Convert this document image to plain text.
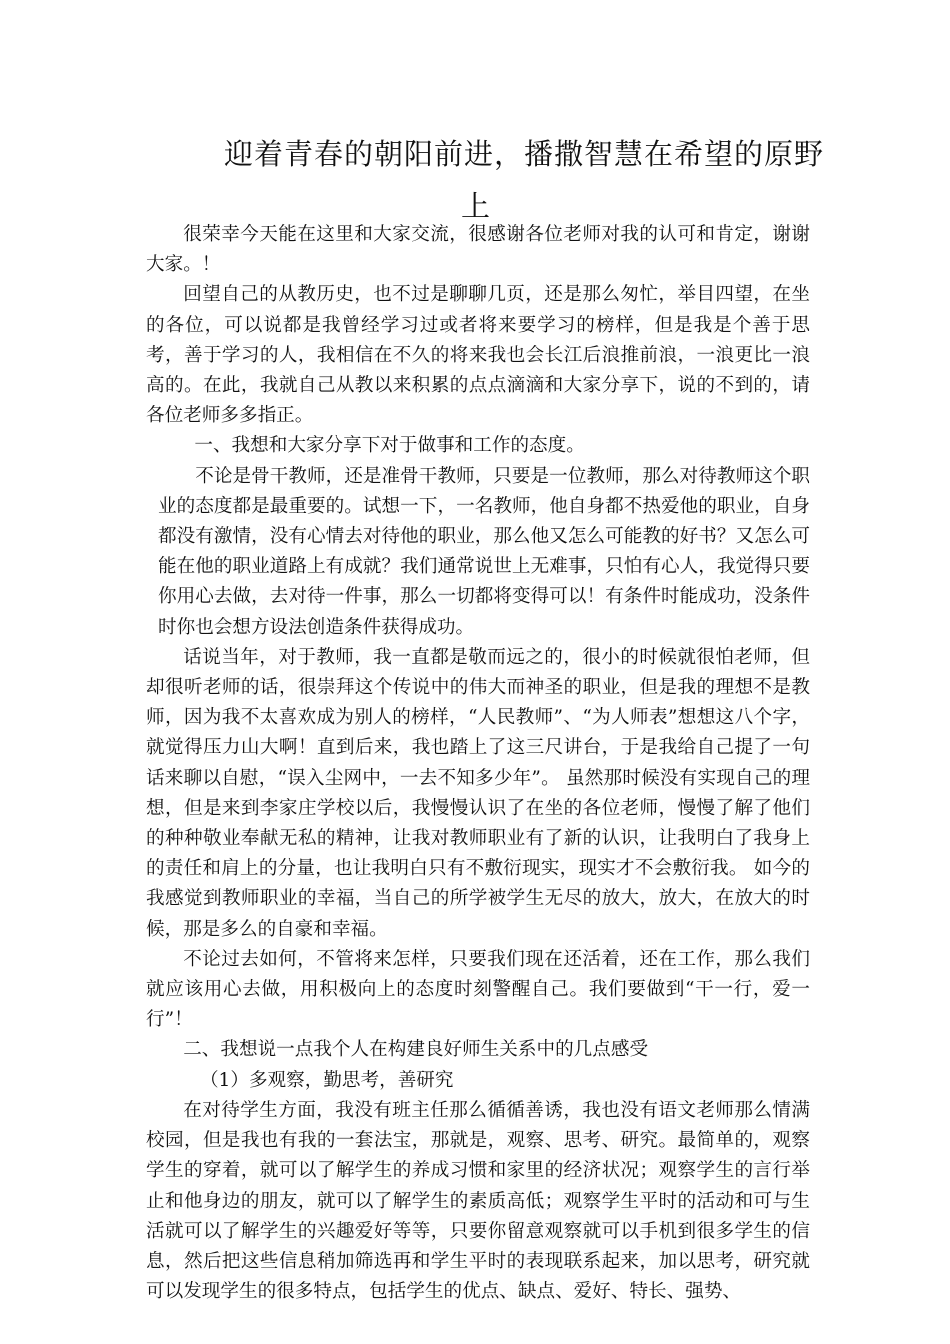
迎着青春的朝阳前进，播撒智慧在希望的原野
上

很荣幸今天能在这里和大家交流，很感谢各位老师对我的认可和肯定，谢谢大家。！

回望自己的从教历史，也不过是聊聊几页，还是那么匆忙，举目四望，在坐的各位，可以说都是我曾经学习过或者将来要学习的榜样，但是我是个善于思考，善于学习的人，我相信在不久的将来我也会长江后浪推前浪，一浪更比一浪高的。在此，我就自己从教以来积累的点点滴滴和大家分享下，说的不到的，请各位老师多多指正。

一、我想和大家分享下对于做事和工作的态度。

不论是骨干教师，还是准骨干教师，只要是一位教师，那么对待教师这个职业的态度都是最重要的。试想一下，一名教师，他自身都不热爱他的职业，自身都没有激情，没有心情去对待他的职业，那么他又怎么可能教的好书？又怎么可能在他的职业道路上有成就？我们通常说世上无难事，只怕有心人，我觉得只要你用心去做，去对待一件事，那么一切都将变得可以！有条件时能成功，没条件时你也会想方设法创造条件获得成功。

话说当年，对于教师，我一直都是敬而远之的，很小的时候就很怕老师，但却很听老师的话，很崇拜这个传说中的伟大而神圣的职业，但是我的理想不是教师，因为我不太喜欢成为别人的榜样，“人民教师”、“为人师表”想想这八个字，就觉得压力山大啊！直到后来，我也踏上了这三尺讲台，于是我给自己提了一句话来聊以自慰，“误入尘网中，一去不知多少年”。 虽然那时候没有实现自己的理想，但是来到李家庄学校以后，我慢慢认识了在坐的各位老师，慢慢了解了他们的种种敬业奉献无私的精神，让我对教师职业有了新的认识，让我明白了我身上的责任和肩上的分量，也让我明白只有不敷衍现实，现实才不会敷衍我。 如今的我感觉到教师职业的幸福，当自己的所学被学生无尽的放大，放大，在放大的时候，那是多么的自豪和幸福。

不论过去如何，不管将来怎样，只要我们现在还活着，还在工作，那么我们就应该用心去做，用积极向上的态度时刻警醒自己。我们要做到“干一行，爱一行”！

二、我想说一点我个人在构建良好师生关系中的几点感受

（1）多观察，勤思考，善研究

在对待学生方面，我没有班主任那么循循善诱，我也没有语文老师那么情满校园，但是我也有我的一套法宝，那就是，观察、思考、研究。最简单的，观察学生的穿着，就可以了解学生的养成习惯和家里的经济状况；观察学生的言行举止和他身边的朋友，就可以了解学生的素质高低；观察学生平时的活动和可与生活就可以了解学生的兴趣爱好等等，只要你留意观察就可以手机到很多学生的信息，然后把这些信息稍加筛选再和学生平时的表现联系起来，加以思考，研究就可以发现学生的很多特点，包括学生的优点、缺点、爱好、特长、强势、
